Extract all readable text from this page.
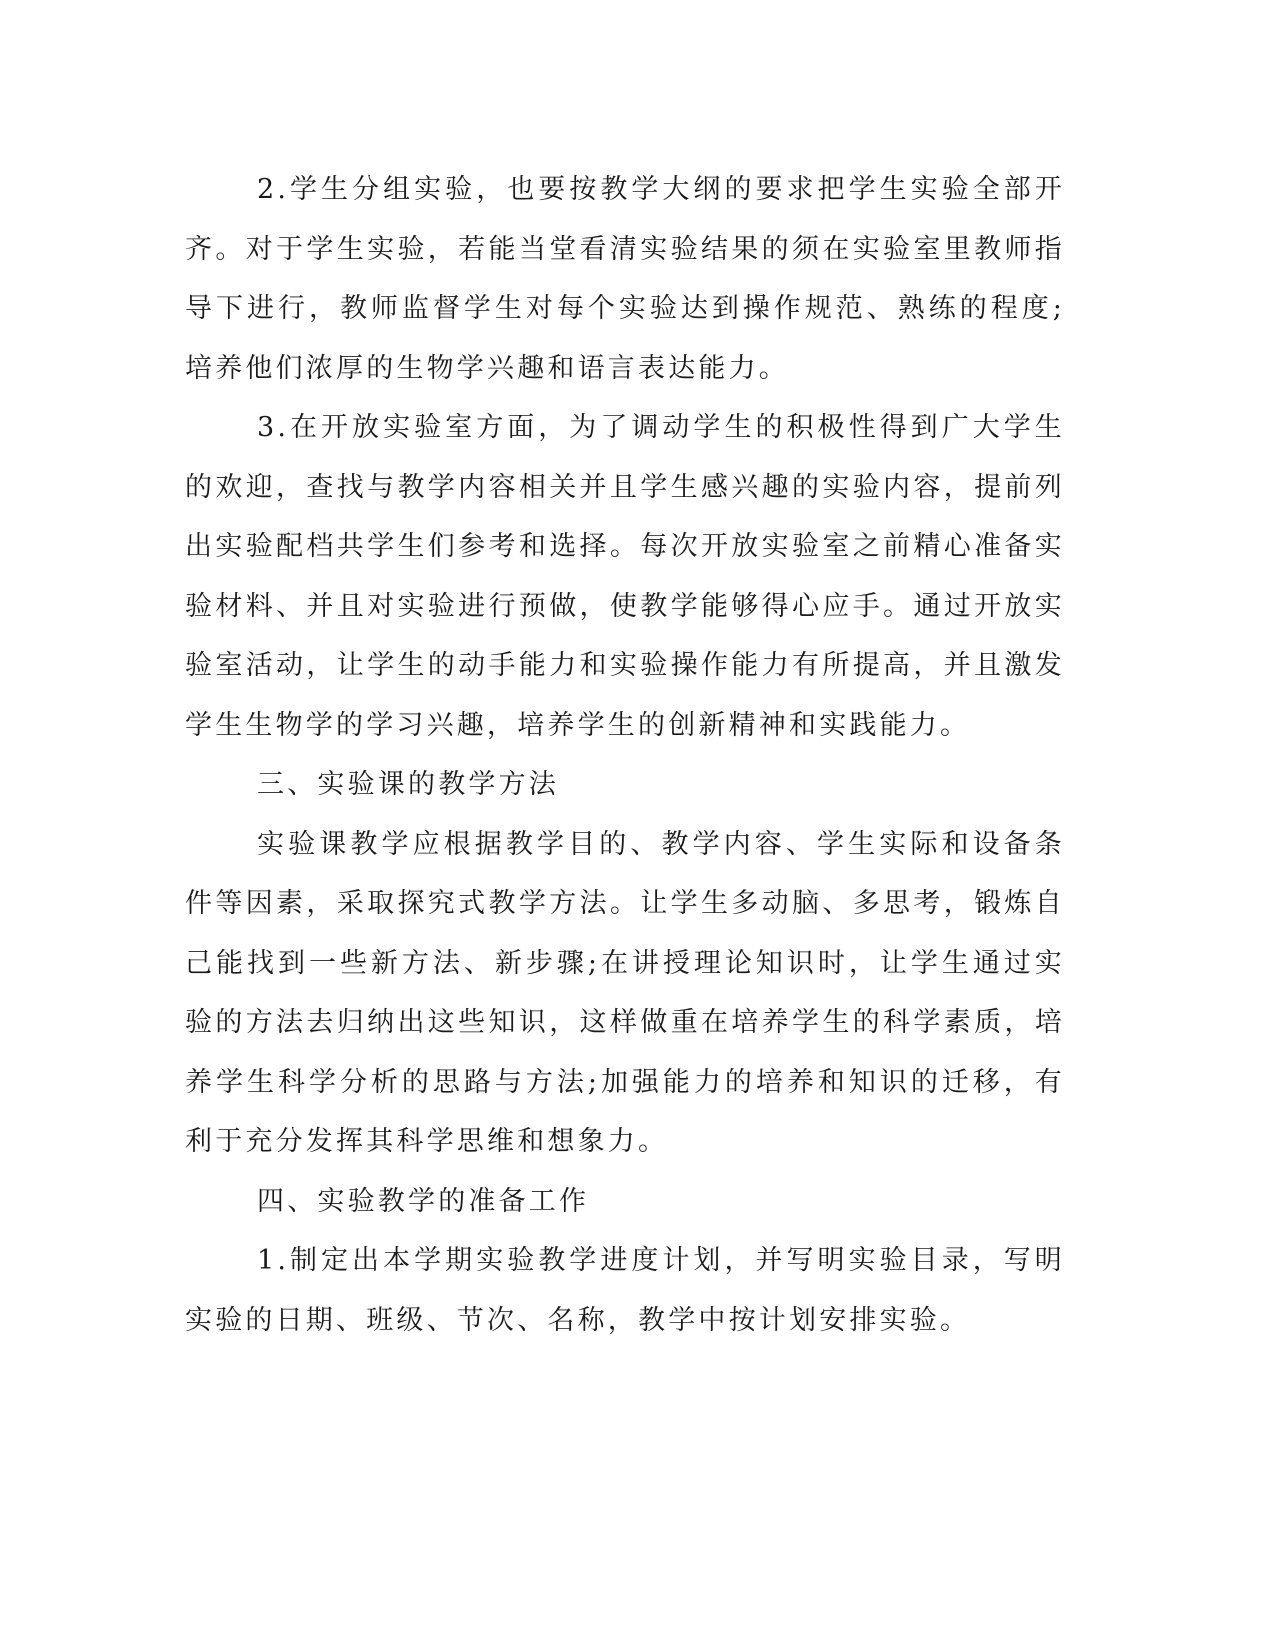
2.学生分组实验，也要按教学大纲的要求把学生实验全部开齐。对于学生实验，若能当堂看清实验结果的须在实验室里教师指导下进行，教师监督学生对每个实验达到操作规范、熟练的程度;培养他们浓厚的生物学兴趣和语言表达能力。

3.在开放实验室方面，为了调动学生的积极性得到广大学生的欢迎，查找与教学内容相关并且学生感兴趣的实验内容，提前列出实验配档共学生们参考和选择。每次开放实验室之前精心准备实验材料、并且对实验进行预做，使教学能够得心应手。通过开放实验室活动，让学生的动手能力和实验操作能力有所提高，并且激发学生生物学的学习兴趣，培养学生的创新精神和实践能力。

三、实验课的教学方法

实验课教学应根据教学目的、教学内容、学生实际和设备条件等因素，采取探究式教学方法。让学生多动脑、多思考，锻炼自己能找到一些新方法、新步骤;在讲授理论知识时，让学生通过实验的方法去归纳出这些知识，这样做重在培养学生的科学素质，培养学生科学分析的思路与方法;加强能力的培养和知识的迁移，有利于充分发挥其科学思维和想象力。

四、实验教学的准备工作

1.制定出本学期实验教学进度计划，并写明实验目录，写明实验的日期、班级、节次、名称，教学中按计划安排实验。
